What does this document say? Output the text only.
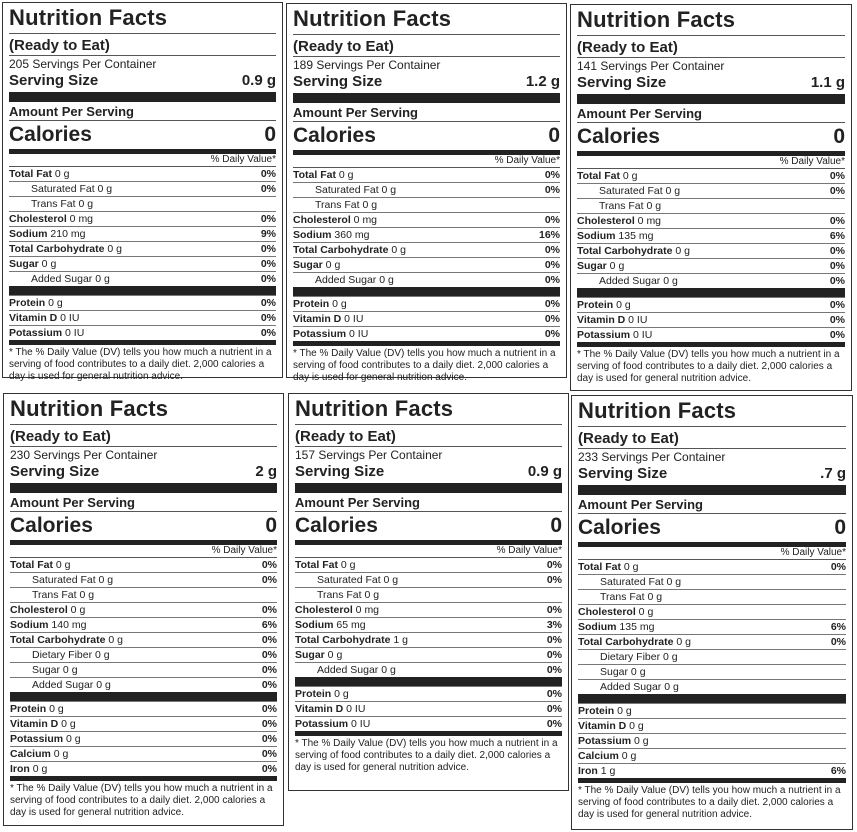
Nutrition Facts
(Ready to Eat)
205 Servings Per Container
Serving Size	0.9 g
Amount Per Serving
Calories	0
% Daily Value*
Total Fat 0 g	0%
Saturated Fat 0 g	0%
Trans Fat 0 g
Cholesterol 0 mg	0%
Sodium 210 mg	9%
Total Carbohydrate 0 g	0%
Sugar 0 g	0%
Added Sugar 0 g	0%
Protein 0 g	0%
Vitamin D 0 IU	0%
Potassium 0 IU	0%
* The % Daily Value (DV) tells you how much a nutrient in a serving of food contributes to a daily diet. 2,000 calories a day is used for general nutrition advice.
Nutrition Facts
(Ready to Eat)
189 Servings Per Container
Serving Size	1.2 g
Amount Per Serving
Calories	0
% Daily Value*
Total Fat 0 g	0%
Saturated Fat 0 g	0%
Trans Fat 0 g
Cholesterol 0 mg	0%
Sodium 360 mg	16%
Total Carbohydrate 0 g	0%
Sugar 0 g	0%
Added Sugar 0 g	0%
Protein 0 g	0%
Vitamin D 0 IU	0%
Potassium 0 IU	0%
* The % Daily Value (DV) tells you how much a nutrient in a serving of food contributes to a daily diet. 2,000 calories a day is used for general nutrition advice.
Nutrition Facts
(Ready to Eat)
141 Servings Per Container
Serving Size	1.1 g
Amount Per Serving
Calories	0
% Daily Value*
Total Fat 0 g	0%
Saturated Fat 0 g	0%
Trans Fat 0 g
Cholesterol 0 mg	0%
Sodium 135 mg	6%
Total Carbohydrate 0 g	0%
Sugar 0 g	0%
Added Sugar 0 g	0%
Protein 0 g	0%
Vitamin D 0 IU	0%
Potassium 0 IU	0%
* The % Daily Value (DV) tells you how much a nutrient in a serving of food contributes to a daily diet. 2,000 calories a day is used for general nutrition advice.
Nutrition Facts
(Ready to Eat)
230 Servings Per Container
Serving Size	2 g
Amount Per Serving
Calories	0
% Daily Value*
Total Fat 0 g	0%
Saturated Fat 0 g	0%
Trans Fat 0 g
Cholesterol 0 g	0%
Sodium 140 mg	6%
Total Carbohydrate 0 g	0%
Dietary Fiber 0 g	0%
Sugar 0 g	0%
Added Sugar 0 g	0%
Protein 0 g	0%
Vitamin D 0 g	0%
Potassium 0 g	0%
Calcium 0 g	0%
Iron 0 g	0%
* The % Daily Value (DV) tells you how much a nutrient in a serving of food contributes to a daily diet. 2,000 calories a day is used for general nutrition advice.
Nutrition Facts
(Ready to Eat)
157 Servings Per Container
Serving Size	0.9 g
Amount Per Serving
Calories	0
% Daily Value*
Total Fat 0 g	0%
Saturated Fat 0 g	0%
Trans Fat 0 g
Cholesterol 0 mg	0%
Sodium 65 mg	3%
Total Carbohydrate 1 g	0%
Sugar 0 g	0%
Added Sugar 0 g	0%
Protein 0 g	0%
Vitamin D 0 IU	0%
Potassium 0 IU	0%
* The % Daily Value (DV) tells you how much a nutrient in a serving of food contributes to a daily diet. 2,000 calories a day is used for general nutrition advice.
Nutrition Facts
(Ready to Eat)
233 Servings Per Container
Serving Size	.7 g
Amount Per Serving
Calories	0
% Daily Value*
Total Fat 0 g	0%
Saturated Fat 0 g
Trans Fat 0 g
Cholesterol 0 g
Sodium 135 mg	6%
Total Carbohydrate 0 g	0%
Dietary Fiber 0 g
Sugar 0 g
Added Sugar 0 g
Protein 0 g
Vitamin D 0 g
Potassium 0 g
Calcium 0 g
Iron 1 g	6%
* The % Daily Value (DV) tells you how much a nutrient in a serving of food contributes to a daily diet. 2,000 calories a day is used for general nutrition advice.
